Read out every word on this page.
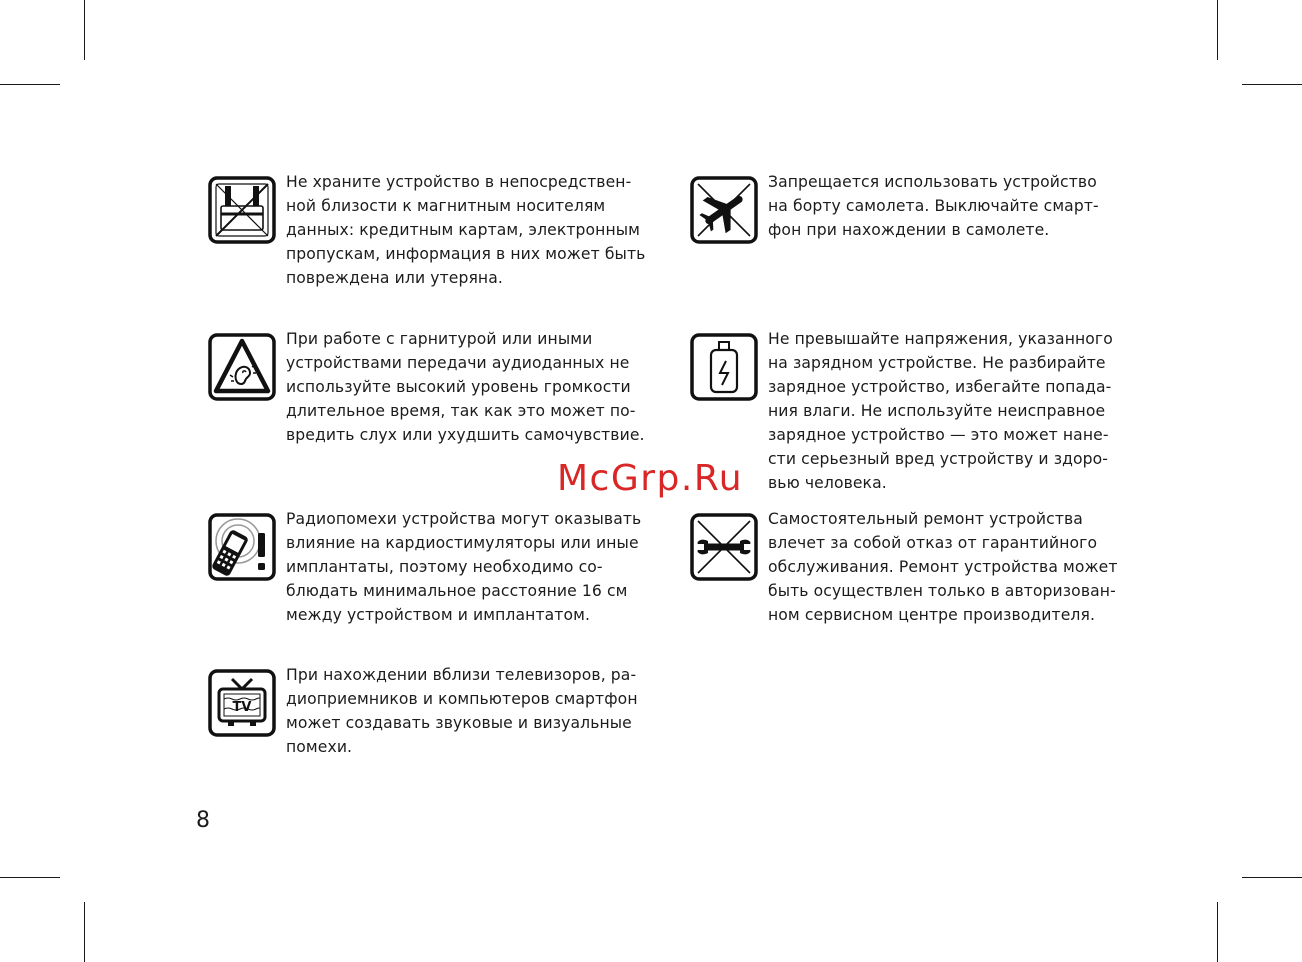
Не храните устройство в непосредствен-
ной близости к магнитным носителям
данных: кредитным картам, электронным
пропускам, информация в них может быть
повреждена или утеряна.
Запрещается использовать устройство
на борту самолета. Выключайте смарт-
фон при нахождении в самолете.
При работе с гарнитурой или иными
устройствами передачи аудиоданных не
используйте высокий уровень громкости
длительное время, так как это может по-
вредить слух или ухудшить самочувствие.
Не превышайте напряжения, указанного
на зарядном устройстве. Не разбирайте
зарядное устройство, избегайте попада-
ния влаги. Не используйте неисправное
зарядное устройство — это может нане-
сти серьезный вред устройству и здоро-
вью человека.
Радиопомехи устройства могут оказывать
влияние на кардиостимуляторы или иные
имплантаты, поэтому необходимо со-
блюдать минимальное расстояние 16 см
между устройством и имплантатом.
Самостоятельный ремонт устройства
влечет за собой отказ от гарантийного
обслуживания. Ремонт устройства может
быть осуществлен только в авторизован-
ном сервисном центре производителя.
TV
При нахождении вблизи телевизоров, ра-
диоприемников и компьютеров смартфон
может создавать звуковые и визуальные
помехи.
McGrp.Ru
8
